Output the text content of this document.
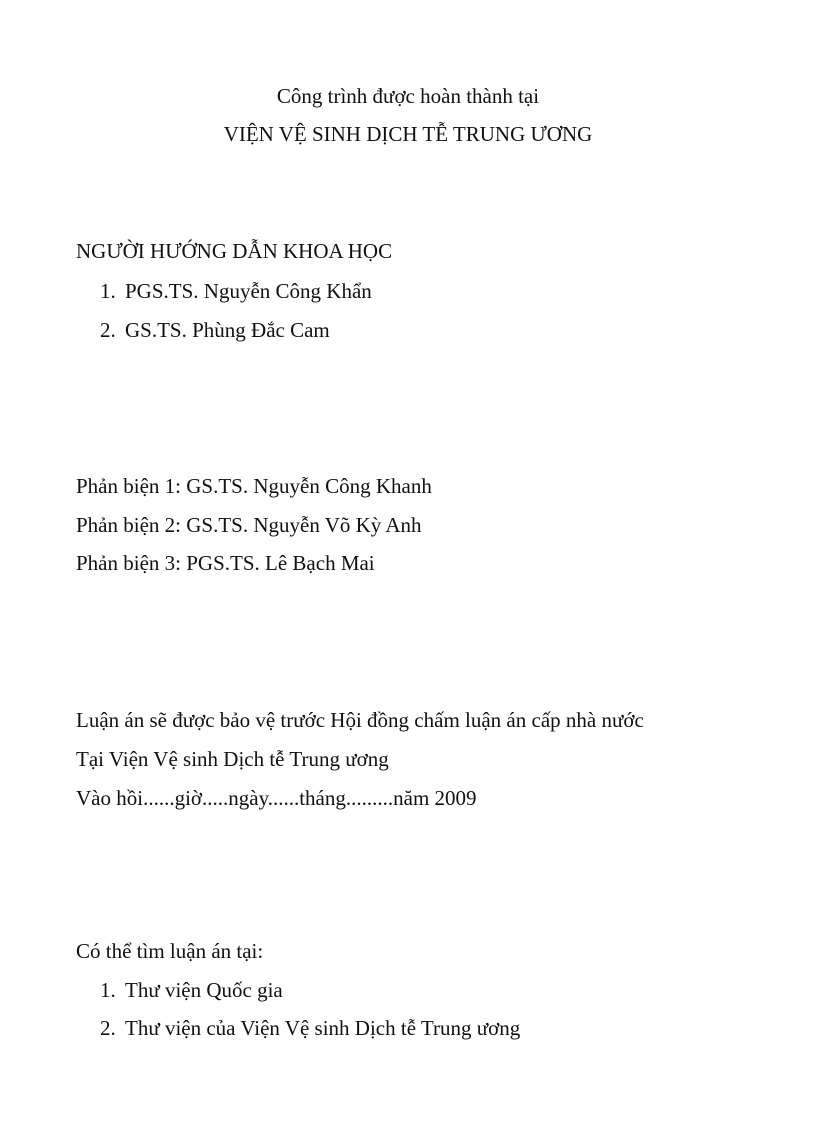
Công trình được hoàn thành tại
VIỆN VỆ SINH DỊCH TỄ TRUNG ƯƠNG
NGƯỜI HƯỚNG DẪN KHOA HỌC
1. PGS.TS. Nguyễn Công Khẩn
2. GS.TS. Phùng Đắc Cam
Phản biện 1: GS.TS. Nguyễn Công Khanh
Phản biện 2: GS.TS. Nguyễn Võ Kỳ Anh
Phản biện 3: PGS.TS. Lê Bạch Mai
Luận án sẽ được bảo vệ trước Hội đồng chấm luận án cấp nhà nước
Tại Viện Vệ sinh Dịch tễ Trung ương
Vào hồi......giờ.....ngày......tháng.........năm 2009
Có thể tìm luận án tại:
1. Thư viện Quốc gia
2. Thư viện của Viện Vệ sinh Dịch tễ Trung ương
